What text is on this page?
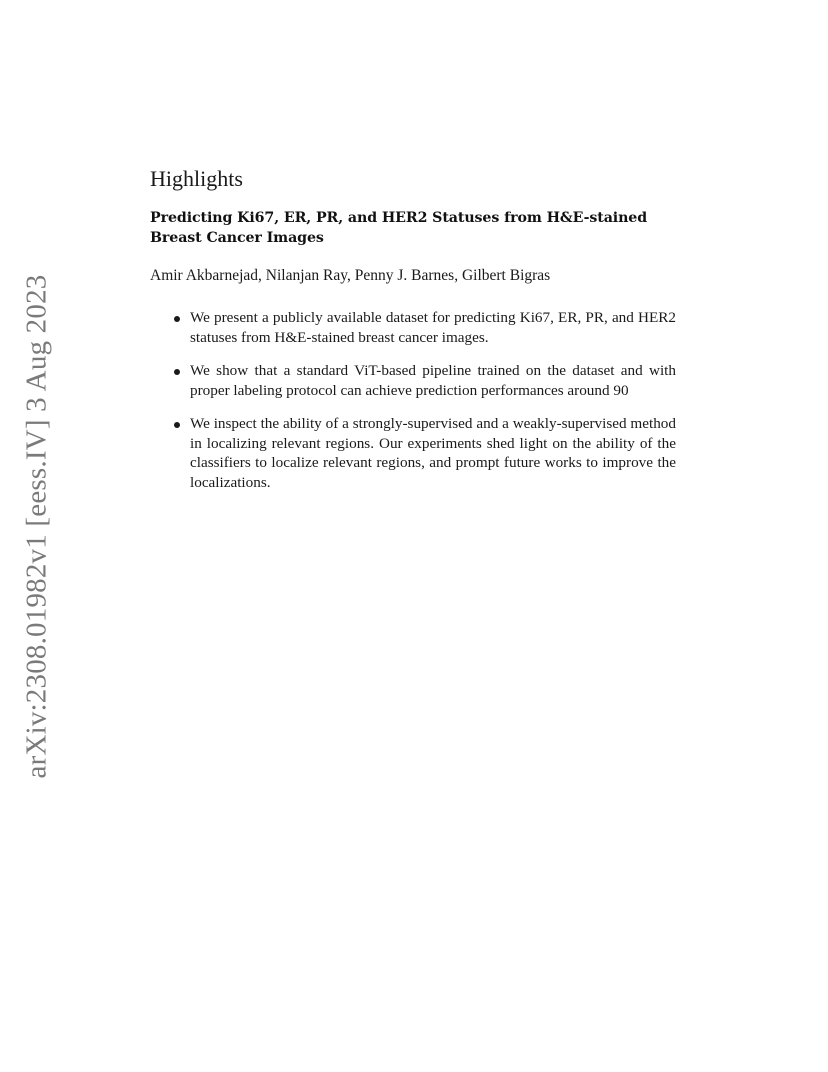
arXiv:2308.01982v1 [eess.IV] 3 Aug 2023
Highlights
Predicting Ki67, ER, PR, and HER2 Statuses from H&E-stained Breast Cancer Images

Amir Akbarnejad, Nilanjan Ray, Penny J. Barnes, Gilbert Bigras

We present a publicly available dataset for predicting Ki67, ER, PR, and HER2 statuses from H&E-stained breast cancer images.
We show that a standard ViT-based pipeline trained on the dataset and with proper labeling protocol can achieve prediction performances around 90
We inspect the ability of a strongly-supervised and a weakly-supervised method in localizing relevant regions. Our experiments shed light on the ability of the classifiers to localize relevant regions, and prompt future works to improve the localizations.
